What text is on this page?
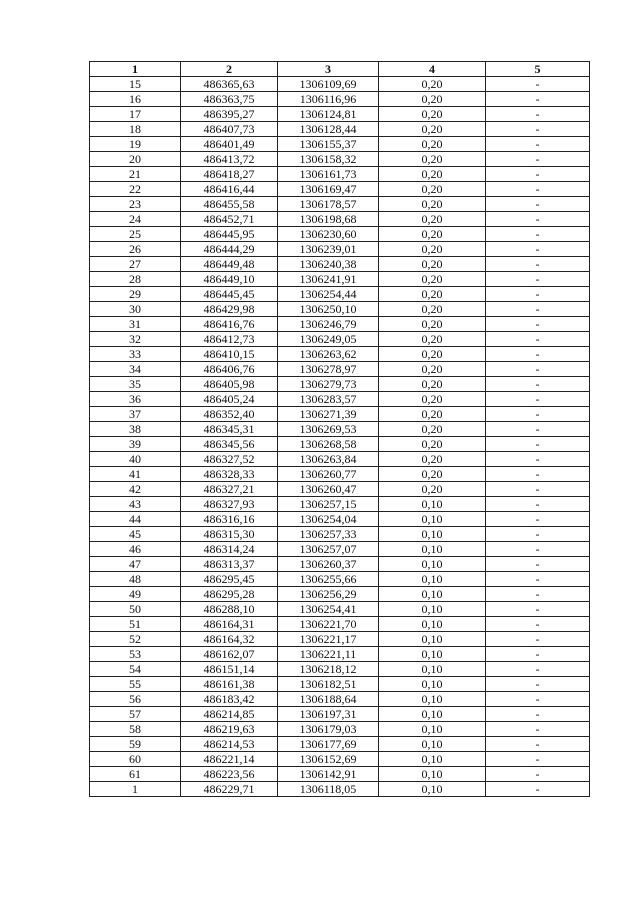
1	2	3	4	5
15	486365,63	1306109,69	0,20	-
16	486363,75	1306116,96	0,20	-
17	486395,27	1306124,81	0,20	-
18	486407,73	1306128,44	0,20	-
19	486401,49	1306155,37	0,20	-
20	486413,72	1306158,32	0,20	-
21	486418,27	1306161,73	0,20	-
22	486416,44	1306169,47	0,20	-
23	486455,58	1306178,57	0,20	-
24	486452,71	1306198,68	0,20	-
25	486445,95	1306230,60	0,20	-
26	486444,29	1306239,01	0,20	-
27	486449,48	1306240,38	0,20	-
28	486449,10	1306241,91	0,20	-
29	486445,45	1306254,44	0,20	-
30	486429,98	1306250,10	0,20	-
31	486416,76	1306246,79	0,20	-
32	486412,73	1306249,05	0,20	-
33	486410,15	1306263,62	0,20	-
34	486406,76	1306278,97	0,20	-
35	486405,98	1306279,73	0,20	-
36	486405,24	1306283,57	0,20	-
37	486352,40	1306271,39	0,20	-
38	486345,31	1306269,53	0,20	-
39	486345,56	1306268,58	0,20	-
40	486327,52	1306263,84	0,20	-
41	486328,33	1306260,77	0,20	-
42	486327,21	1306260,47	0,20	-
43	486327,93	1306257,15	0,10	-
44	486316,16	1306254,04	0,10	-
45	486315,30	1306257,33	0,10	-
46	486314,24	1306257,07	0,10	-
47	486313,37	1306260,37	0,10	-
48	486295,45	1306255,66	0,10	-
49	486295,28	1306256,29	0,10	-
50	486288,10	1306254,41	0,10	-
51	486164,31	1306221,70	0,10	-
52	486164,32	1306221,17	0,10	-
53	486162,07	1306221,11	0,10	-
54	486151,14	1306218,12	0,10	-
55	486161,38	1306182,51	0,10	-
56	486183,42	1306188,64	0,10	-
57	486214,85	1306197,31	0,10	-
58	486219,63	1306179,03	0,10	-
59	486214,53	1306177,69	0,10	-
60	486221,14	1306152,69	0,10	-
61	486223,56	1306142,91	0,10	-
1	486229,71	1306118,05	0,10	-
